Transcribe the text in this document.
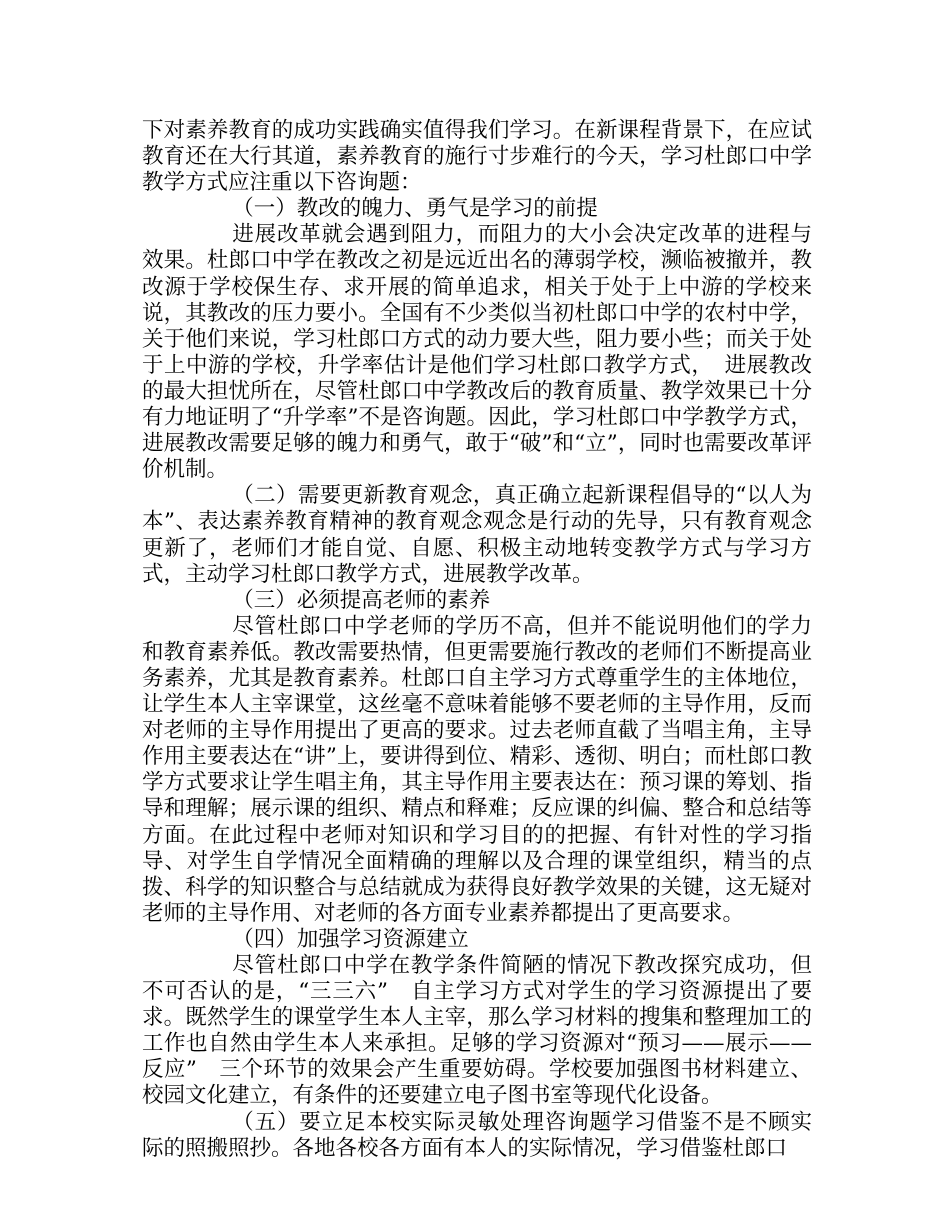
下对素养教育的成功实践确实值得我们学习。在新课程背景下，在应试教育还在大行其道，素养教育的施行寸步难行的今天，学习杜郎口中学教学方式应注重以下咨询题：

（一）教改的魄力、勇气是学习的前提

进展改革就会遇到阻力，而阻力的大小会决定改革的进程与效果。杜郎口中学在教改之初是远近出名的薄弱学校，濒临被撤并，教改源于学校保生存、求开展的简单追求，相关于处于上中游的学校来说，其教改的压力要小。全国有不少类似当初杜郎口中学的农村中学，关于他们来说，学习杜郎口方式的动力要大些，阻力要小些；而关于处于上中游的学校，升学率估计是他们学习杜郎口教学方式，　进展教改的最大担忧所在，尽管杜郎口中学教改后的教育质量、教学效果已十分有力地证明了“升学率”不是咨询题。因此，学习杜郎口中学教学方式，进展教改需要足够的魄力和勇气，敢于“破”和“立”，同时也需要改革评价机制。

（二）需要更新教育观念，真正确立起新课程倡导的“以人为本”、表达素养教育精神的教育观念观念是行动的先导，只有教育观念更新了，老师们才能自觉、自愿、积极主动地转变教学方式与学习方式，主动学习杜郎口教学方式，进展教学改革。

（三）必须提高老师的素养

尽管杜郎口中学老师的学历不高，但并不能说明他们的学力和教育素养低。教改需要热情，但更需要施行教改的老师们不断提高业务素养，尤其是教育素养。杜郎口自主学习方式尊重学生的主体地位，让学生本人主宰课堂，这丝毫不意味着能够不要老师的主导作用，反而对老师的主导作用提出了更高的要求。过去老师直截了当唱主角，主导作用主要表达在“讲”上，要讲得到位、精彩、透彻、明白；而杜郎口教学方式要求让学生唱主角，其主导作用主要表达在：预习课的筹划、指导和理解；展示课的组织、精点和释难；反应课的纠偏、整合和总结等方面。在此过程中老师对知识和学习目的的把握、有针对性的学习指导、对学生自学情况全面精确的理解以及合理的课堂组织，精当的点拨、科学的知识整合与总结就成为获得良好教学效果的关键，这无疑对老师的主导作用、对老师的各方面专业素养都提出了更高要求。

（四）加强学习资源建立

尽管杜郎口中学在教学条件简陋的情况下教改探究成功，但不可否认的是，“三三六”　自主学习方式对学生的学习资源提出了要求。既然学生的课堂学生本人主宰，那么学习材料的搜集和整理加工的工作也自然由学生本人来承担。足够的学习资源对“预习——展示——反应”　三个环节的效果会产生重要妨碍。学校要加强图书材料建立、校园文化建立，有条件的还要建立电子图书室等现代化设备。

（五）要立足本校实际灵敏处理咨询题学习借鉴不是不顾实际的照搬照抄。各地各校各方面有本人的实际情况，学习借鉴杜郎口
